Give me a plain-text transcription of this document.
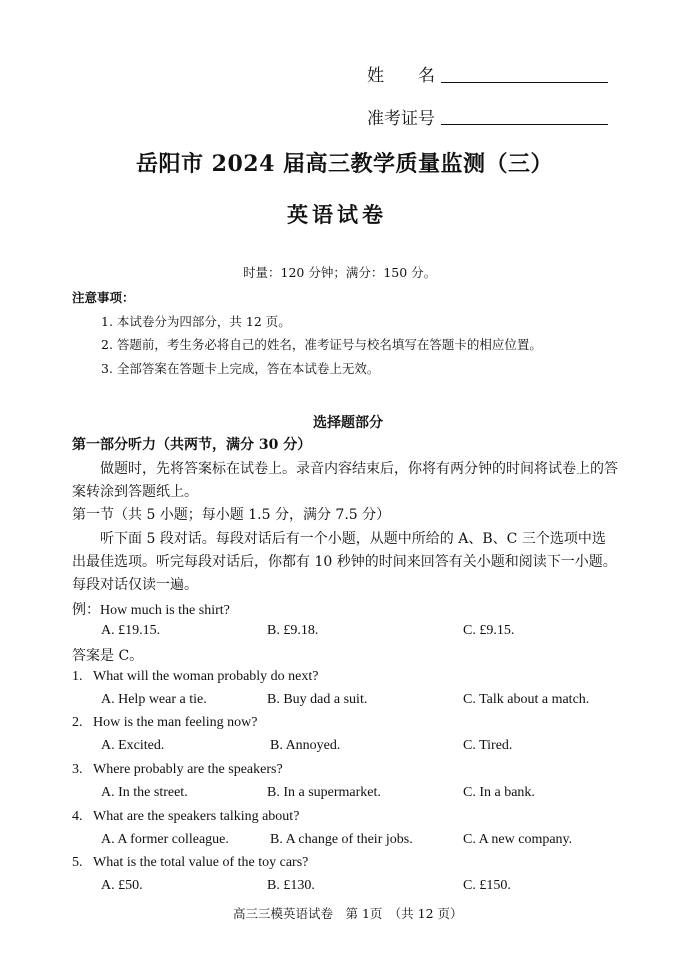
姓　　名
准考证号
岳阳市 2024 届高三教学质量监测（三）
英语试卷
时量：120 分钟；满分：150 分。
注意事项：
1. 本试卷分为四部分，共 12 页。
2. 答题前，考生务必将自己的姓名，准考证号与校名填写在答题卡的相应位置。
3. 全部答案在答题卡上完成，答在本试卷上无效。
选择题部分
第一部分听力（共两节，满分 30 分）
做题时，先将答案标在试卷上。录音内容结束后，你将有两分钟的时间将试卷上的答
案转涂到答题纸上。
第一节（共 5 小题；每小题 1.5 分，满分 7.5 分）
听下面 5 段对话。每段对话后有一个小题，从题中所给的 A、B、C 三个选项中选
出最佳选项。听完每段对话后，你都有 10 秒钟的时间来回答有关小题和阅读下一小题。
每段对话仅读一遍。
例：How much is the shirt?
A. £19.15.	B. £9.18.	C. £9.15.
答案是 C。
1. What will the woman probably do next?
A. Help wear a tie.	B. Buy dad a suit.	C. Talk about a match.
2. How is the man feeling now?
A. Excited.	B. Annoyed.	C. Tired.
3. Where probably are the speakers?
A. In the street.	B. In a supermarket.	C. In a bank.
4. What are the speakers talking about?
A. A former colleague.	B. A change of their jobs.	C. A new company.
5. What is the total value of the toy cars?
A. £50.	B. £130.	C. £150.
高三三模英语试卷　第 1页　（共 12 页）
